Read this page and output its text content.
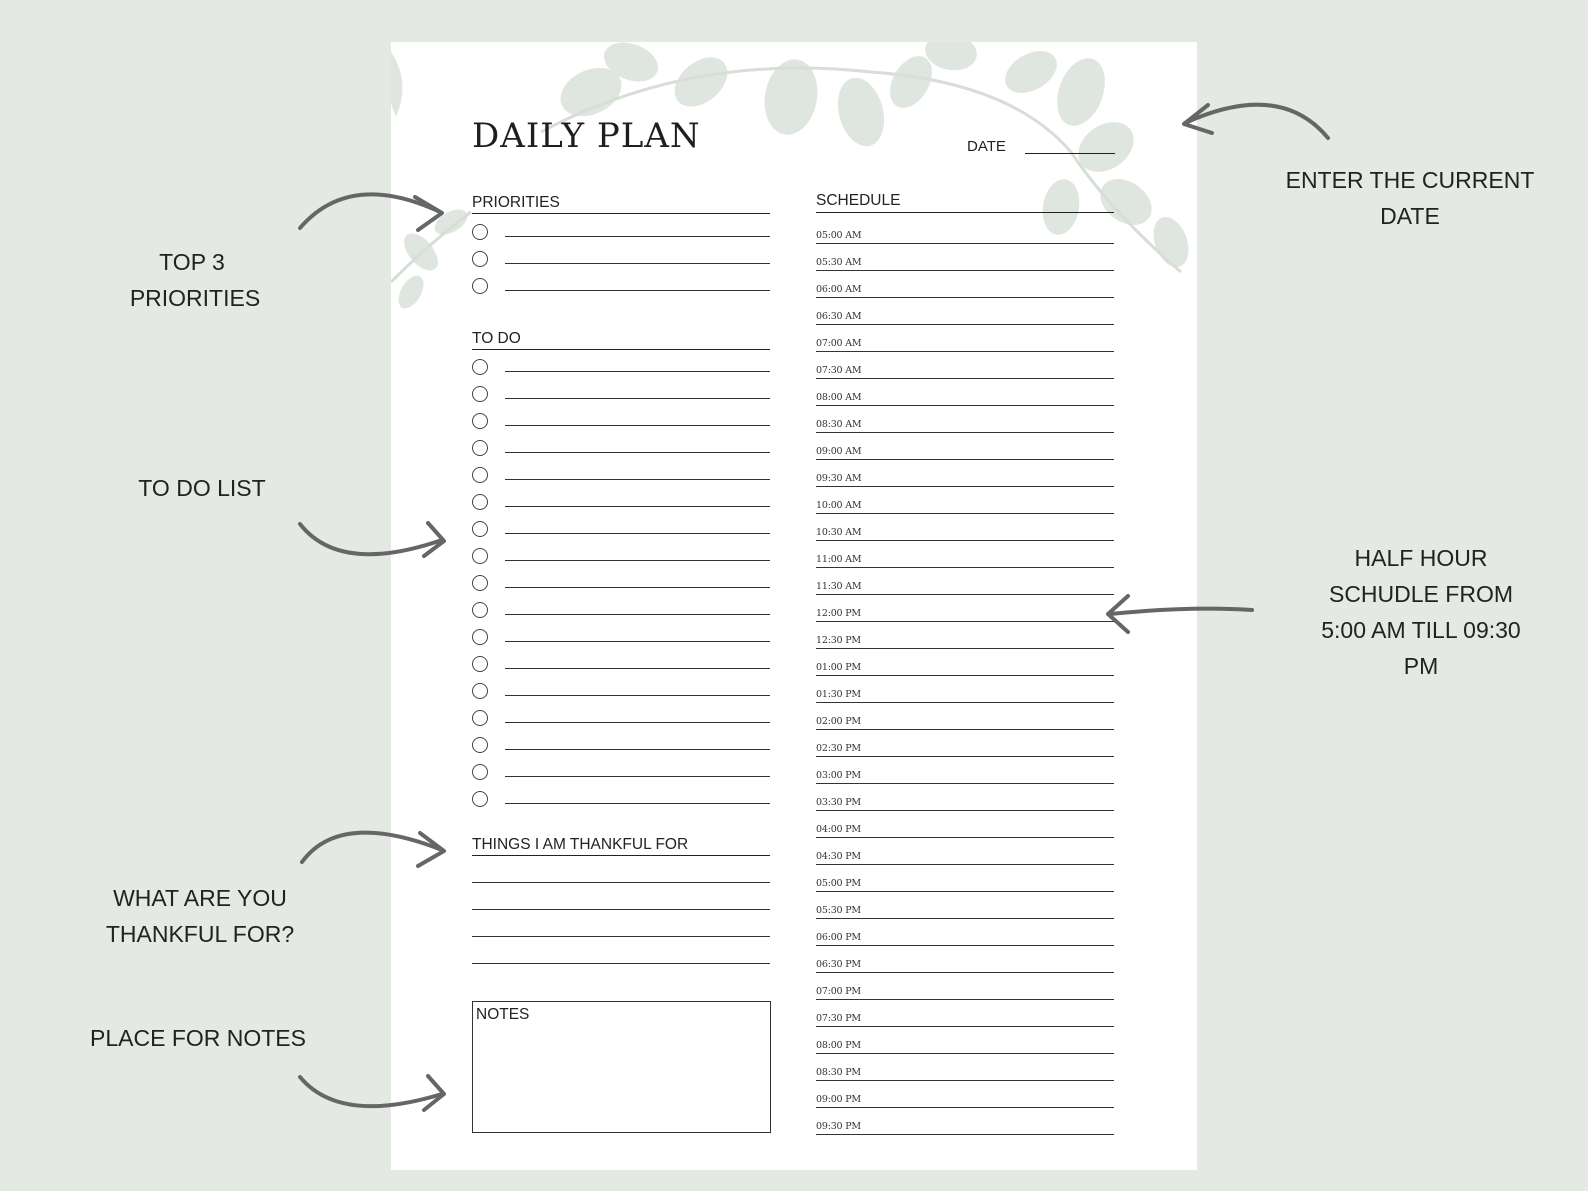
TOP 3
PRIORITIES
TO DO LIST
WHAT ARE YOU
THANKFUL FOR?
PLACE FOR NOTES
ENTER THE CURRENT
DATE
HALF HOUR
SCHUDLE FROM
5:00 AM TILL 09:30
PM
DAILY PLAN	DATE
PRIORITIES
TO DO
THINGS I AM THANKFUL FOR
NOTES
SCHEDULE
05:00 AM
05:30 AM
06:00 AM
06:30 AM
07:00 AM
07:30 AM
08:00 AM
08:30 AM
09:00 AM
09:30 AM
10:00 AM
10:30 AM
11:00 AM
11:30 AM
12:00 PM
12:30 PM
01:00 PM
01:30 PM
02:00 PM
02:30 PM
03:00 PM
03:30 PM
04:00 PM
04:30 PM
05:00 PM
05:30 PM
06:00 PM
06:30 PM
07:00 PM
07:30 PM
08:00 PM
08:30 PM
09:00 PM
09:30 PM
